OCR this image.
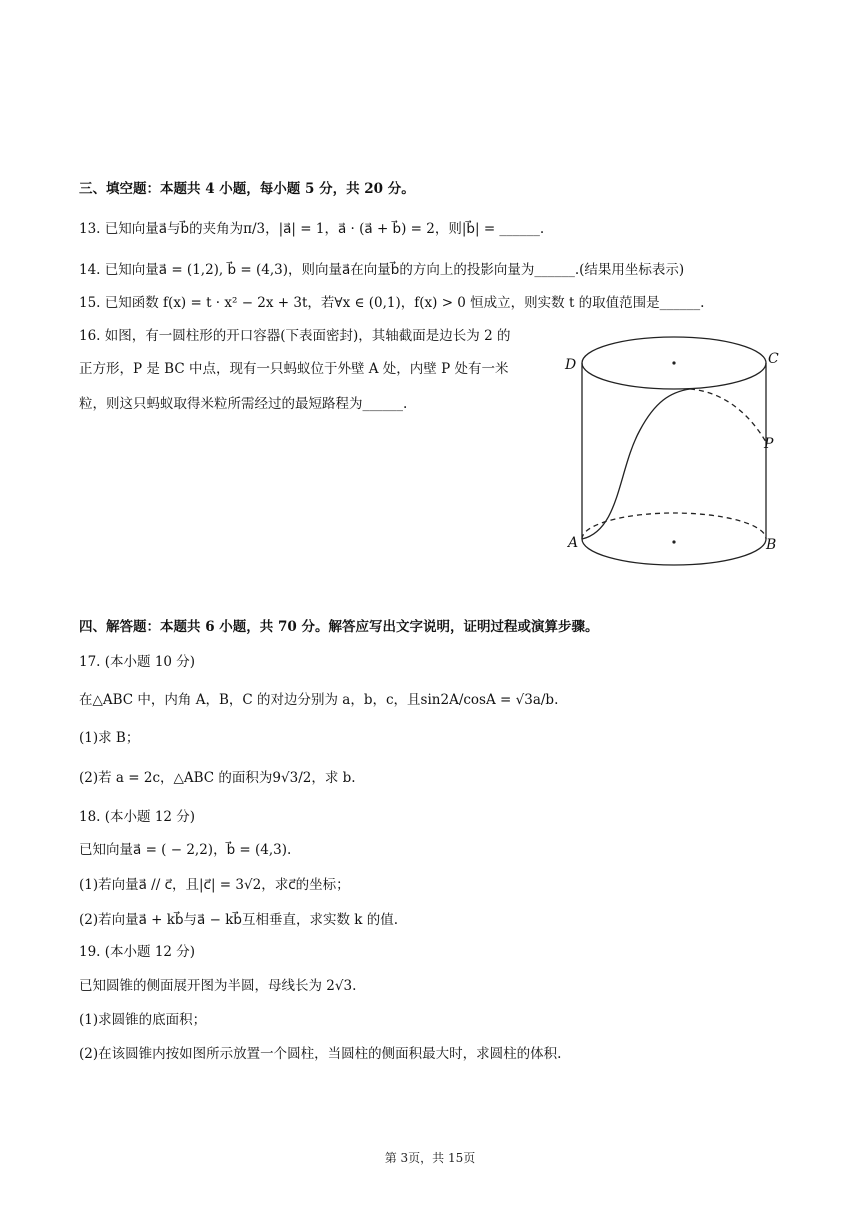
三、填空题：本题共 4 小题，每小题 5 分，共 20 分。
13. 已知向量a⃗与b⃗的夹角为π/3，|a⃗| = 1，a⃗ · (a⃗ + b⃗) = 2，则|b⃗| = ______.
14. 已知向量a⃗ = (1,2), b⃗ = (4,3)，则向量a⃗在向量b⃗的方向上的投影向量为______.(结果用坐标表示)
15. 已知函数 f(x) = t · x² − 2x + 3t，若∀x ∈ (0,1)，f(x) > 0 恒成立，则实数 t 的取值范围是______.
16. 如图，有一圆柱形的开口容器(下表面密封)，其轴截面是边长为 2 的
正方形，P 是 BC 中点，现有一只蚂蚁位于外壁 A 处，内壁 P 处有一米
粒，则这只蚂蚁取得米粒所需经过的最短路程为______.
D	C
P
A	B
四、解答题：本题共 6 小题，共 70 分。解答应写出文字说明，证明过程或演算步骤。
17. (本小题 10 分)
在△ABC 中，内角 A，B，C 的对边分别为 a，b，c，且sin2A/cosA = √3a/b.
(1)求 B；
(2)若 a = 2c，△ABC 的面积为9√3/2，求 b.
18. (本小题 12 分)
已知向量a⃗ = ( − 2,2)，b⃗ = (4,3).
(1)若向量a⃗ // c⃗，且|c⃗| = 3√2，求c⃗的坐标；
(2)若向量a⃗ + kb⃗与a⃗ − kb⃗互相垂直，求实数 k 的值.
19. (本小题 12 分)
已知圆锥的侧面展开图为半圆，母线长为 2√3.
(1)求圆锥的底面积；
(2)在该圆锥内按如图所示放置一个圆柱，当圆柱的侧面积最大时，求圆柱的体积.
第 3页，共 15页
